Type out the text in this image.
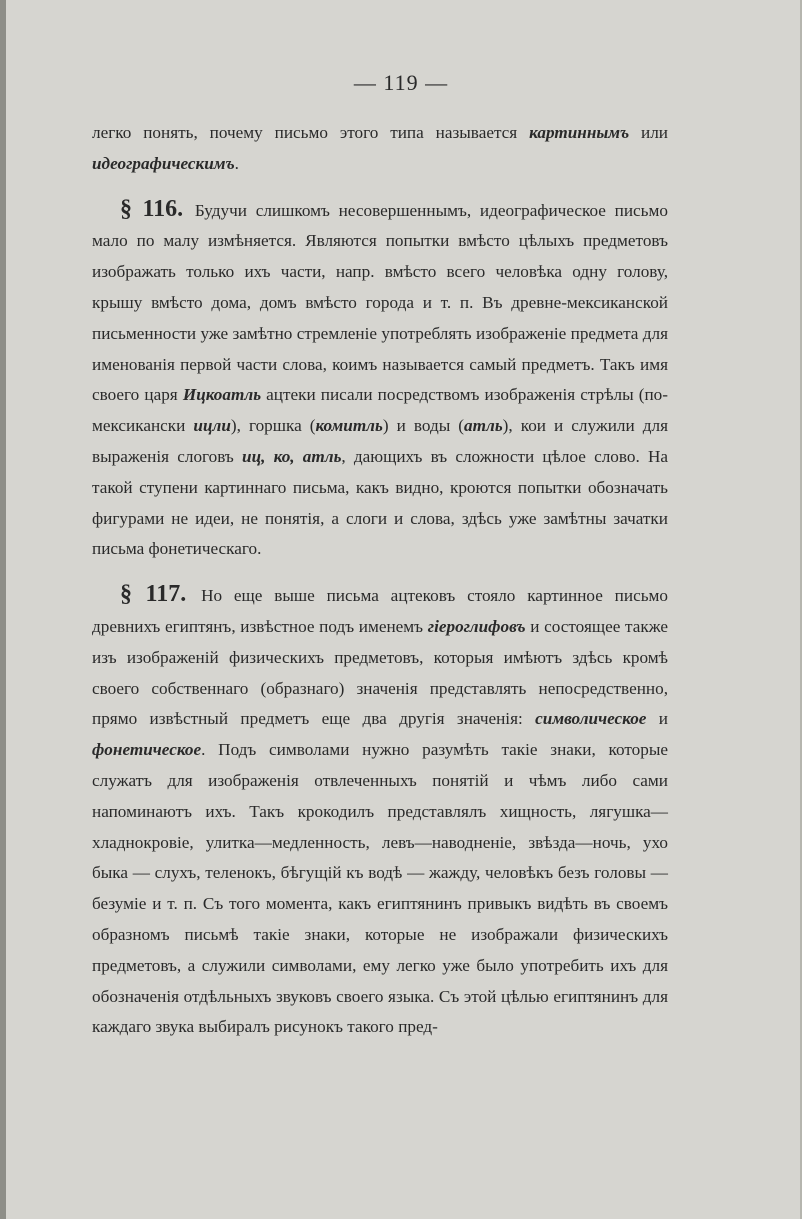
— 119 —

легко понять, почему письмо этого типа называется картиннымъ или идеографическимъ.

§ 116. Будучи слишкомъ несовершеннымъ, идеографическое письмо мало по малу измѣняется. Являются попытки вмѣсто цѣлыхъ предметовъ изображать только ихъ части, напр. вмѣсто всего человѣка одну голову, крышу вмѣсто дома, домъ вмѣсто города и т. п. Въ древне-мексиканской письменности уже замѣтно стремленіе употреблять изображеніе предмета для именованія первой части слова, коимъ называется самый предметъ. Такъ имя своего царя Ицкоатль ацтеки писали посредствомъ изображенія стрѣлы (по-мексикански ицли), горшка (комитль) и воды (атль), кои и служили для выраженія слоговъ иц, ко, атль, дающихъ въ сложности цѣлое слово. На такой ступени картиннаго письма, какъ видно, кроются попытки обозначать фигурами не идеи, не понятія, а слоги и слова, здѣсь уже замѣтны зачатки письма фонетическаго.

§ 117. Но еще выше письма ацтековъ стояло картинное письмо древнихъ египтянъ, извѣстное подъ именемъ гіероглифовъ и состоящее также изъ изображеній физическихъ предметовъ, которыя имѣютъ здѣсь кромѣ своего собственнаго (образнаго) значенія представлять непосредственно, прямо извѣстный предметъ еще два другія значенія: символическое и фонетическое. Подъ символами нужно разумѣть такіе знаки, которые служатъ для изображенія отвлеченныхъ понятій и чѣмъ либо сами напоминаютъ ихъ. Такъ крокодилъ представлялъ хищность, лягушка—хладнокровіе, улитка—медленность, левъ—наводненіе, звѣзда—ночь, ухо быка — слухъ, теленокъ, бѣгущій къ водѣ — жажду, человѣкъ безъ головы — безуміе и т. п. Съ того момента, какъ египтянинъ привыкъ видѣть въ своемъ образномъ письмѣ такіе знаки, которые не изображали физическихъ предметовъ, а служили символами, ему легко уже было употребить ихъ для обозначенія отдѣльныхъ звуковъ своего языка. Съ этой цѣлью египтянинъ для каждаго звука выбиралъ рисунокъ такого пред-
